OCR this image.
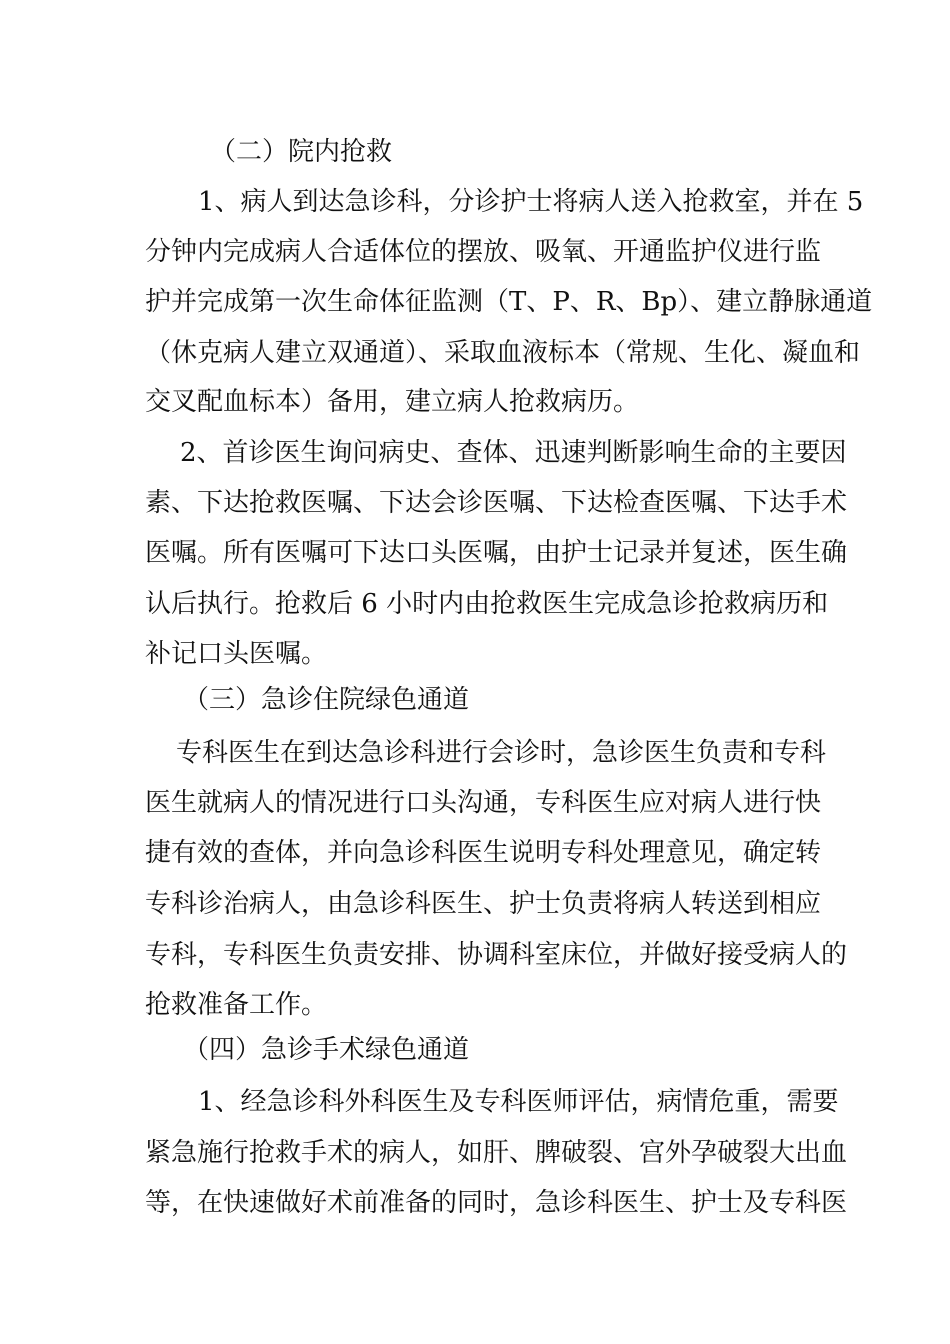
（二）院内抢救
1、病人到达急诊科，分诊护士将病人送入抢救室，并在 5
分钟内完成病人合适体位的摆放、吸氧、开通监护仪进行监
护并完成第一次生命体征监测（T、P、R、Bp）、建立静脉通道
（休克病人建立双通道）、采取血液标本（常规、生化、凝血和
交叉配血标本）备用，建立病人抢救病历。
2、首诊医生询问病史、查体、迅速判断影响生命的主要因
素、下达抢救医嘱、下达会诊医嘱、下达检查医嘱、下达手术
医嘱。所有医嘱可下达口头医嘱，由护士记录并复述，医生确
认后执行。抢救后 6 小时内由抢救医生完成急诊抢救病历和
补记口头医嘱。
（三）急诊住院绿色通道
专科医生在到达急诊科进行会诊时，急诊医生负责和专科
医生就病人的情况进行口头沟通，专科医生应对病人进行快
捷有效的查体，并向急诊科医生说明专科处理意见，确定转
专科诊治病人，由急诊科医生、护士负责将病人转送到相应
专科，专科医生负责安排、协调科室床位，并做好接受病人的
抢救准备工作。
（四）急诊手术绿色通道
1、经急诊科外科医生及专科医师评估，病情危重，需要
紧急施行抢救手术的病人，如肝、脾破裂、宫外孕破裂大出血
等，在快速做好术前准备的同时，急诊科医生、护士及专科医
